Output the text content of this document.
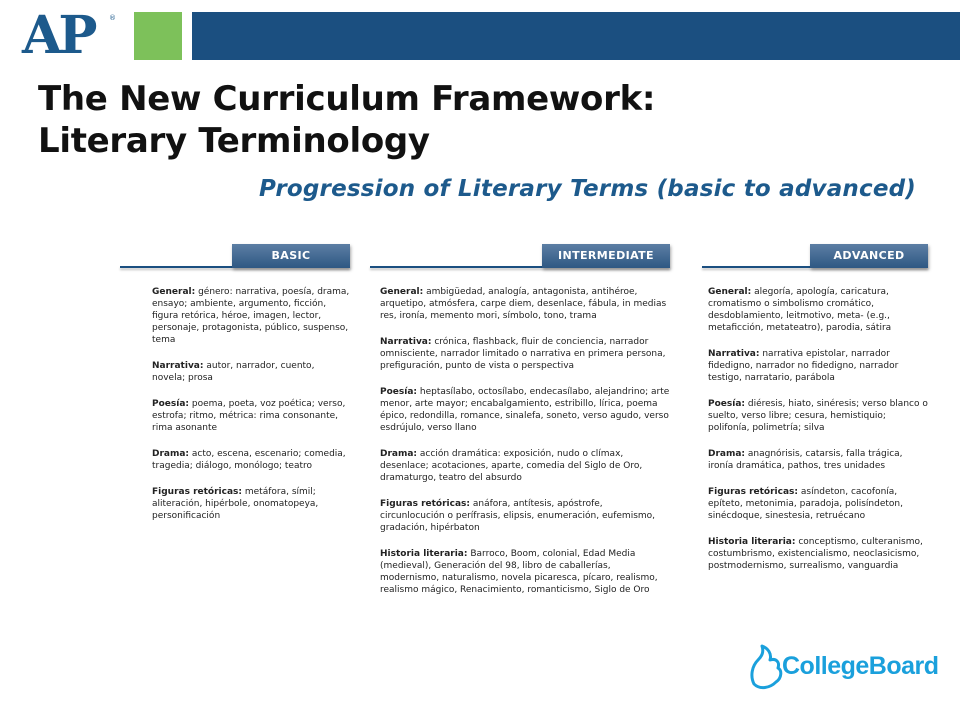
AP ®
The New Curriculum Framework:
Literary Terminology
Progression of Literary Terms (basic to advanced)
BASIC

General: género: narrativa, poesía, drama, ensayo; ambiente, argumento, ficción, figura retórica, héroe, imagen, lector, personaje, protagonista, público, suspenso, tema

Narrativa: autor, narrador, cuento, novela; prosa

Poesía: poema, poeta, voz poética; verso, estrofa; ritmo, métrica: rima consonante, rima asonante

Drama: acto, escena, escenario; comedia, tragedia; diálogo, monólogo; teatro

Figuras retóricas: metáfora, símil; aliteración, hipérbole, onomatopeya, personificación

INTERMEDIATE

General: ambigüedad, analogía, antagonista, antihéroe, arquetipo, atmósfera, carpe diem, desenlace, fábula, in medias res, ironía, memento mori, símbolo, tono, trama

Narrativa: crónica, flashback, fluir de conciencia, narrador omnisciente, narrador limitado o narrativa en primera persona, prefiguración, punto de vista o perspectiva

Poesía: heptasílabo, octosílabo, endecasílabo, alejandrino; arte menor, arte mayor; encabalgamiento, estribillo, lírica, poema épico, redondilla, romance, sinalefa, soneto, verso agudo, verso esdrújulo, verso llano

Drama: acción dramática: exposición, nudo o clímax, desenlace; acotaciones, aparte, comedia del Siglo de Oro, dramaturgo, teatro del absurdo

Figuras retóricas: anáfora, antítesis, apóstrofe, circunlocución o perífrasis, elipsis, enumeración, eufemismo, gradación, hipérbaton

Historia literaria: Barroco, Boom, colonial, Edad Media (medieval), Generación del 98, libro de caballerías, modernismo, naturalismo, novela picaresca, pícaro, realismo, realismo mágico, Renacimiento, romanticismo, Siglo de Oro

ADVANCED

General: alegoría, apología, caricatura, cromatismo o simbolismo cromático, desdoblamiento, leitmotivo, meta- (e.g., metaficción, metateatro), parodia, sátira

Narrativa: narrativa epistolar, narrador fidedigno, narrador no fidedigno, narrador testigo, narratario, parábola

Poesía: diéresis, hiato, sinéresis; verso blanco o suelto, verso libre; cesura, hemistiquio; polifonía, polimetría; silva

Drama: anagnórisis, catarsis, falla trágica, ironía dramática, pathos, tres unidades

Figuras retóricas: asíndeton, cacofonía, epíteto, metonimia, paradoja, polisíndeton, sinécdoque, sinestesia, retruécano

Historia literaria: conceptismo, culteranismo, costumbrismo, existencialismo, neoclasicismo, postmodernismo, surrealismo, vanguardia

CollegeBoard
